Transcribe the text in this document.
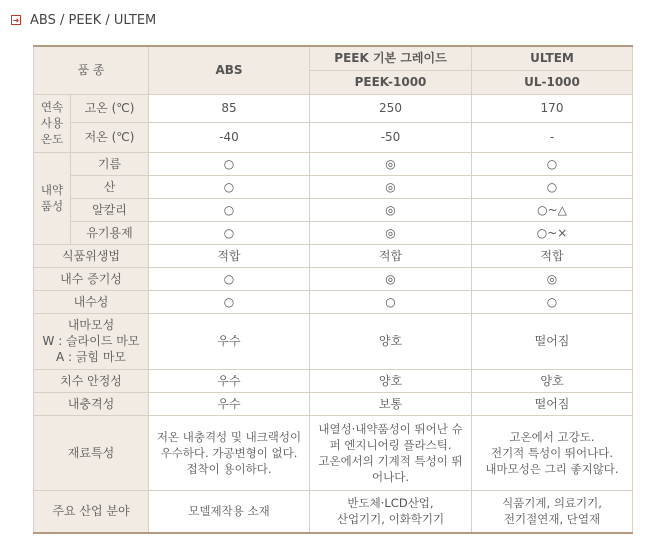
➜ ABS / PEEK / ULTEM
품 종		ABS	PEEK 기본 그레이드	ULTEM
			PEEK-1000	UL-1000
연속
사용
온도	고온 (℃)	85	250	170
	저온 (℃)	-40	-50	-
내약
품성	기름	○	◎	○
	산	○	◎	○
	알칼리	○	◎	○~△
	유기용제	○	◎	○~×
식품위생법		적합	적합	적합
내수 증기성		○	◎	◎
내수성		○	○	○
내마모성
W : 슬라이드 마모
A : 긁힘 마모		우수	양호	떨어짐
치수 안정성		우수	양호	양호
내충격성		우수	보통	떨어짐
재료특성		저온 내충격성 및 내크랙성이
우수하다. 가공변형이 없다.
접착이 용이하다.	내열성·내약품성이 뛰어난 슈
퍼 엔지니어링 플라스틱.
고온에서의 기계적 특성이 뛰
어나다.	고온에서 고강도.
전기적 특성이 뛰어나다.
내마모성은 그리 좋지않다.
주요 산업 분야		모델제작용 소재	반도체·LCD산업,
산업기기, 이화학기기	식품기계, 의료기기,
전기절연재, 단열재
